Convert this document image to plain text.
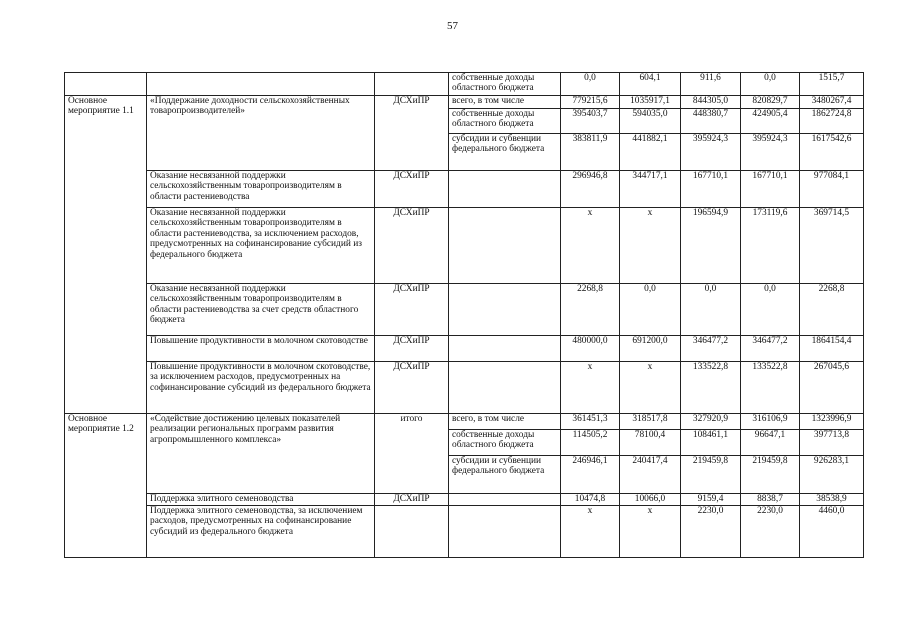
57
			собственные доходы областного бюджета	0,0	604,1	911,6	0,0	1515,7
Основное мероприятие 1.1	«Поддержание доходности сельскохозяйственных товаропроизводителей»	ДСХиПР	всего, в том числе	779215,6	1035917,1	844305,0	820829,7	3480267,4
			собственные доходы областного бюджета	395403,7	594035,0	448380,7	424905,4	1862724,8
			субсидии и субвенции федерального бюджета	383811,9	441882,1	395924,3	395924,3	1617542,6
	Оказание несвязанной поддержки сельскохозяйственным товаропроизводителям в области растениеводства	ДСХиПР		296946,8	344717,1	167710,1	167710,1	977084,1
	Оказание несвязанной поддержки сельскохозяйственным товаропроизводителям в области растениеводства, за исключением расходов, предусмотренных на софинансирование субсидий из федерального бюджета	ДСХиПР		x	x	196594,9	173119,6	369714,5
	Оказание несвязанной поддержки сельскохозяйственным товаропроизводителям в области растениеводства за счет средств областного бюджета	ДСХиПР		2268,8	0,0	0,0	0,0	2268,8
	Повышение продуктивности в молочном скотоводстве	ДСХиПР		480000,0	691200,0	346477,2	346477,2	1864154,4
	Повышение продуктивности в молочном скотоводстве, за исключением расходов, предусмотренных на софинансирование субсидий из федерального бюджета	ДСХиПР		x	x	133522,8	133522,8	267045,6
Основное мероприятие 1.2	«Содействие достижению целевых показателей реализации региональных программ развития агропромышленного комплекса»	итого	всего, в том числе	361451,3	318517,8	327920,9	316106,9	1323996,9
			собственные доходы областного бюджета	114505,2	78100,4	108461,1	96647,1	397713,8
			субсидии и субвенции федерального бюджета	246946,1	240417,4	219459,8	219459,8	926283,1
	Поддержка элитного семеноводства	ДСХиПР		10474,8	10066,0	9159,4	8838,7	38538,9
	Поддержка элитного семеноводства, за исключением расходов, предусмотренных на софинансирование субсидий из федерального бюджета			x	x	2230,0	2230,0	4460,0
